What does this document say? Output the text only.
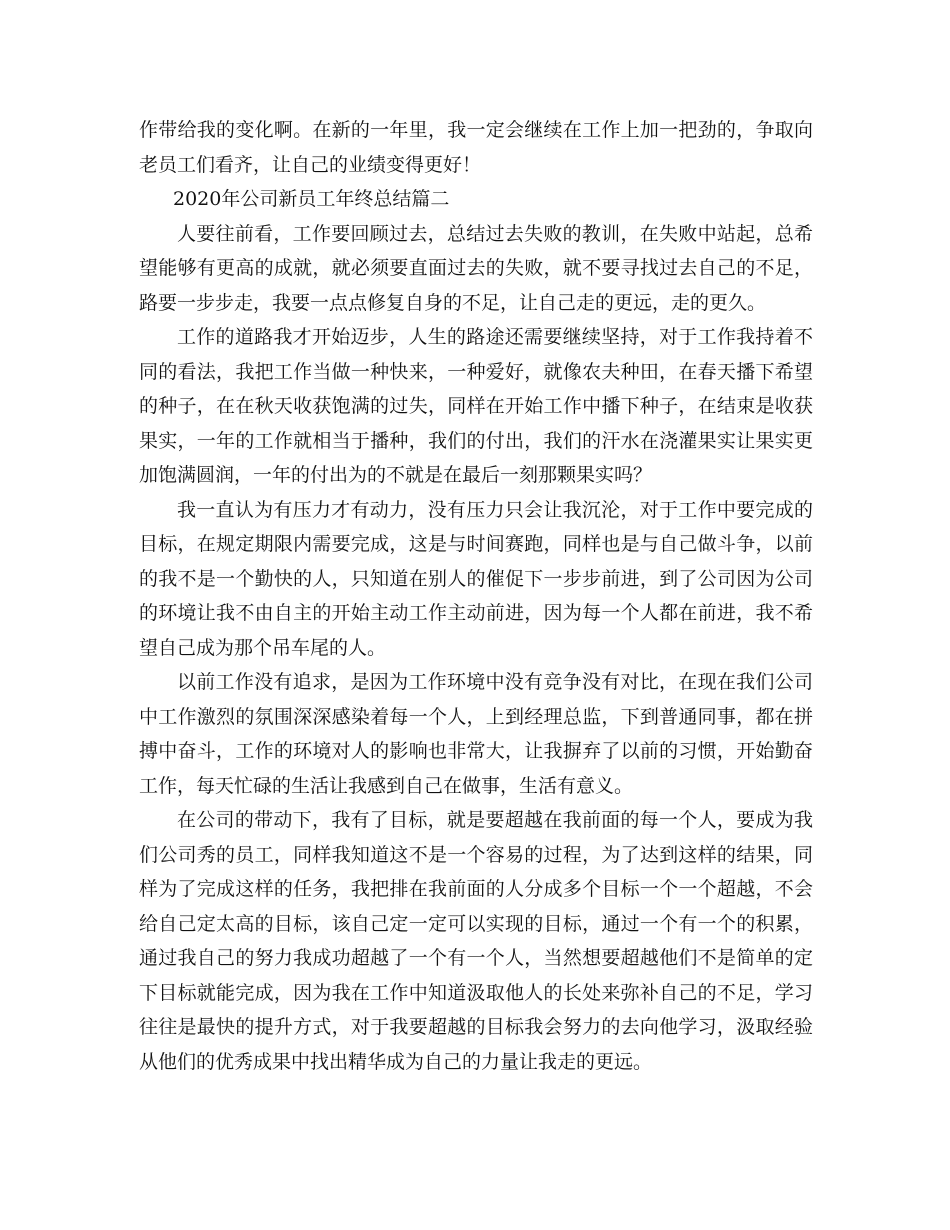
作带给我的变化啊。在新的一年里，我一定会继续在工作上加一把劲的，争取向老员工们看齐，让自己的业绩变得更好！

2020年公司新员工年终总结篇二

人要往前看，工作要回顾过去，总结过去失败的教训，在失败中站起，总希望能够有更高的成就，就必须要直面过去的失败，就不要寻找过去自己的不足，路要一步步走，我要一点点修复自身的不足，让自己走的更远，走的更久。

工作的道路我才开始迈步，人生的路途还需要继续坚持，对于工作我持着不同的看法，我把工作当做一种快来，一种爱好，就像农夫种田，在春天播下希望的种子，在在秋天收获饱满的过失，同样在开始工作中播下种子，在结束是收获果实，一年的工作就相当于播种，我们的付出，我们的汗水在浇灌果实让果实更加饱满圆润，一年的付出为的不就是在最后一刻那颗果实吗？

我一直认为有压力才有动力，没有压力只会让我沉沦，对于工作中要完成的目标，在规定期限内需要完成，这是与时间赛跑，同样也是与自己做斗争，以前的我不是一个勤快的人，只知道在别人的催促下一步步前进，到了公司因为公司的环境让我不由自主的开始主动工作主动前进，因为每一个人都在前进，我不希望自己成为那个吊车尾的人。

以前工作没有追求，是因为工作环境中没有竞争没有对比，在现在我们公司中工作激烈的氛围深深感染着每一个人，上到经理总监，下到普通同事，都在拼搏中奋斗，工作的环境对人的影响也非常大，让我摒弃了以前的习惯，开始勤奋工作，每天忙碌的生活让我感到自己在做事，生活有意义。

在公司的带动下，我有了目标，就是要超越在我前面的每一个人，要成为我们公司秀的员工，同样我知道这不是一个容易的过程，为了达到这样的结果，同样为了完成这样的任务，我把排在我前面的人分成多个目标一个一个超越，不会给自己定太高的目标，该自己定一定可以实现的目标，通过一个有一个的积累，通过我自己的努力我成功超越了一个有一个人，当然想要超越他们不是简单的定下目标就能完成，因为我在工作中知道汲取他人的长处来弥补自己的不足，学习往往是最快的提升方式，对于我要超越的目标我会努力的去向他学习，汲取经验从他们的优秀成果中找出精华成为自己的力量让我走的更远。
